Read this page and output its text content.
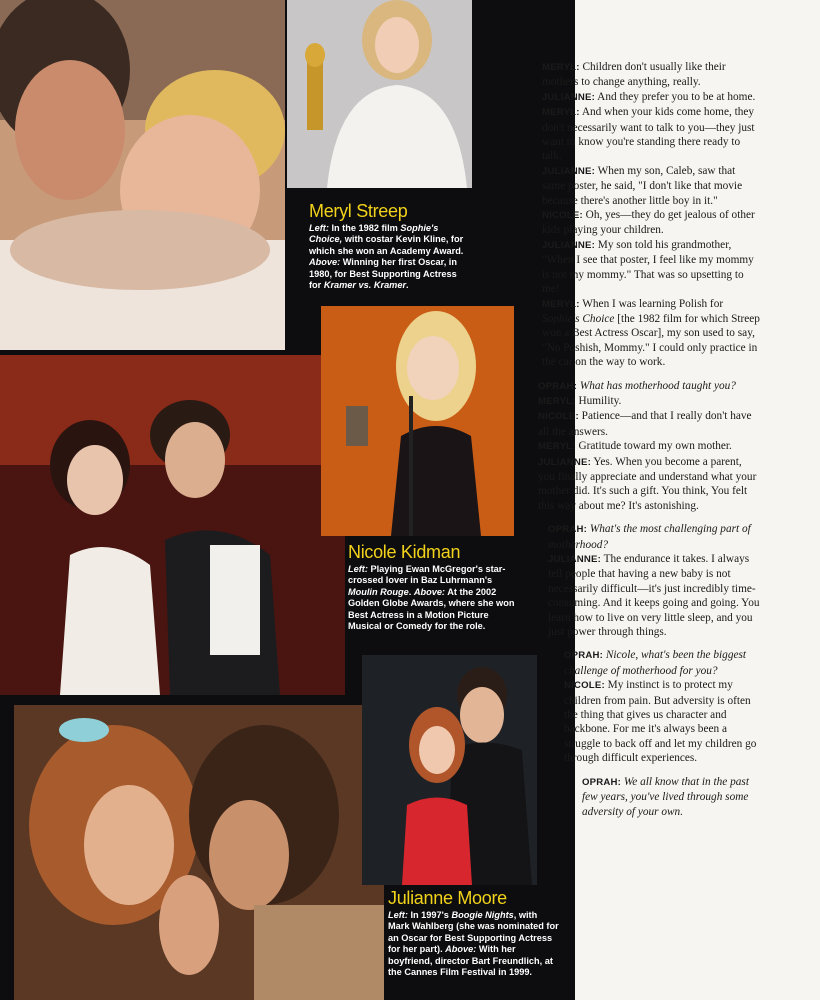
Meryl Streep
Left: In the 1982 film Sophie's Choice, with costar Kevin Kline, for which she won an Academy Award. Above: Winning her first Oscar, in 1980, for Best Supporting Actress for Kramer vs. Kramer.
Nicole Kidman
Left: Playing Ewan McGregor's star-crossed lover in Baz Luhrmann's Moulin Rouge. Above: At the 2002 Golden Globe Awards, where she won Best Actress in a Motion Picture Musical or Comedy for the role.
Julianne Moore
Left: In 1997's Boogie Nights, with Mark Wahlberg (she was nominated for an Oscar for Best Supporting Actress for her part). Above: With her boyfriend, director Bart Freundlich, at the Cannes Film Festival in 1999.

MERYL: Children don't usually like their mothers to change anything, really.

JULIANNE: And they prefer you to be at home.

MERYL: And when your kids come home, they don't necessarily want to talk to you—they just want to know you're standing there ready to talk.

JULIANNE: When my son, Caleb, saw that same poster, he said, "I don't like that movie because there's another little boy in it."

NICOLE: Oh, yes—they do get jealous of other kids playing your children.

JULIANNE: My son told his grandmother, "When I see that poster, I feel like my mommy is not my mommy." That was so upsetting to me!

MERYL: When I was learning Polish for Sophie's Choice [the 1982 film for which Streep won a Best Actress Oscar], my son used to say, "No Poshish, Mommy." I could only practice in the car on the way to work.

OPRAH: What has motherhood taught you?

MERYL: Humility.

NICOLE: Patience—and that I really don't have all the answers.

MERYL: Gratitude toward my own mother.

JULIANNE: Yes. When you become a parent, you finally appreciate and understand what your mother did. It's such a gift. You think, You felt this way about me? It's astonishing.

OPRAH: What's the most challenging part of motherhood?

JULIANNE: The endurance it takes. I always tell people that having a new baby is not necessarily difficult—it's just incredibly time-consuming. And it keeps going and going. You learn how to live on very little sleep, and you just power through things.

OPRAH: Nicole, what's been the biggest challenge of motherhood for you?

NICOLE: My instinct is to protect my children from pain. But adversity is often the thing that gives us character and backbone. For me it's always been a struggle to back off and let my children go through difficult experiences.

OPRAH: We all know that in the past few years, you've lived through some adversity of your own.
